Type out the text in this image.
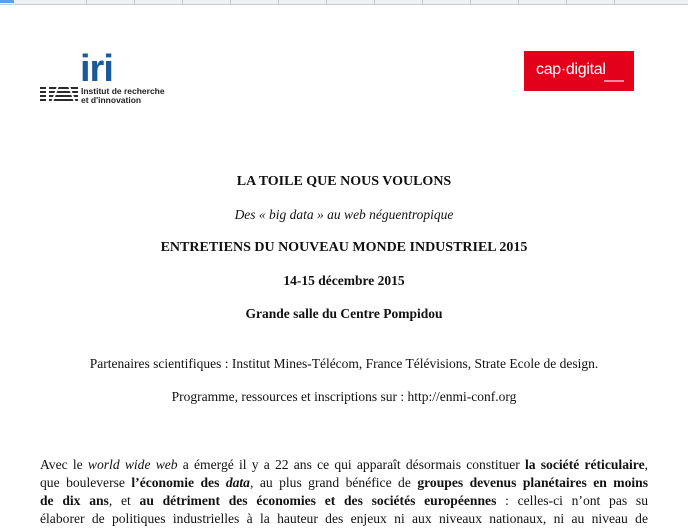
iri
Institut de recherche
et d'innovation
cap·digital
LA TOILE QUE NOUS VOULONS
Des « big data » au web néguentropique
ENTRETIENS DU NOUVEAU MONDE INDUSTRIEL 2015
14-15 décembre 2015
Grande salle du Centre Pompidou
Partenaires scientifiques : Institut Mines-Télécom, France Télévisions, Strate Ecole de design.
Programme, ressources et inscriptions sur : http://enmi-conf.org
Avec le world wide web a émergé il y a 22 ans ce qui apparaît désormais constituer la société réticulaire,
que bouleverse l’économie des data, au plus grand bénéfice de groupes devenus planétaires en moins
de dix ans, et au détriment des économies et des sociétés européennes : celles-ci n’ont pas su
élaborer de politiques industrielles à la hauteur des enjeux ni aux niveaux nationaux, ni au niveau de
